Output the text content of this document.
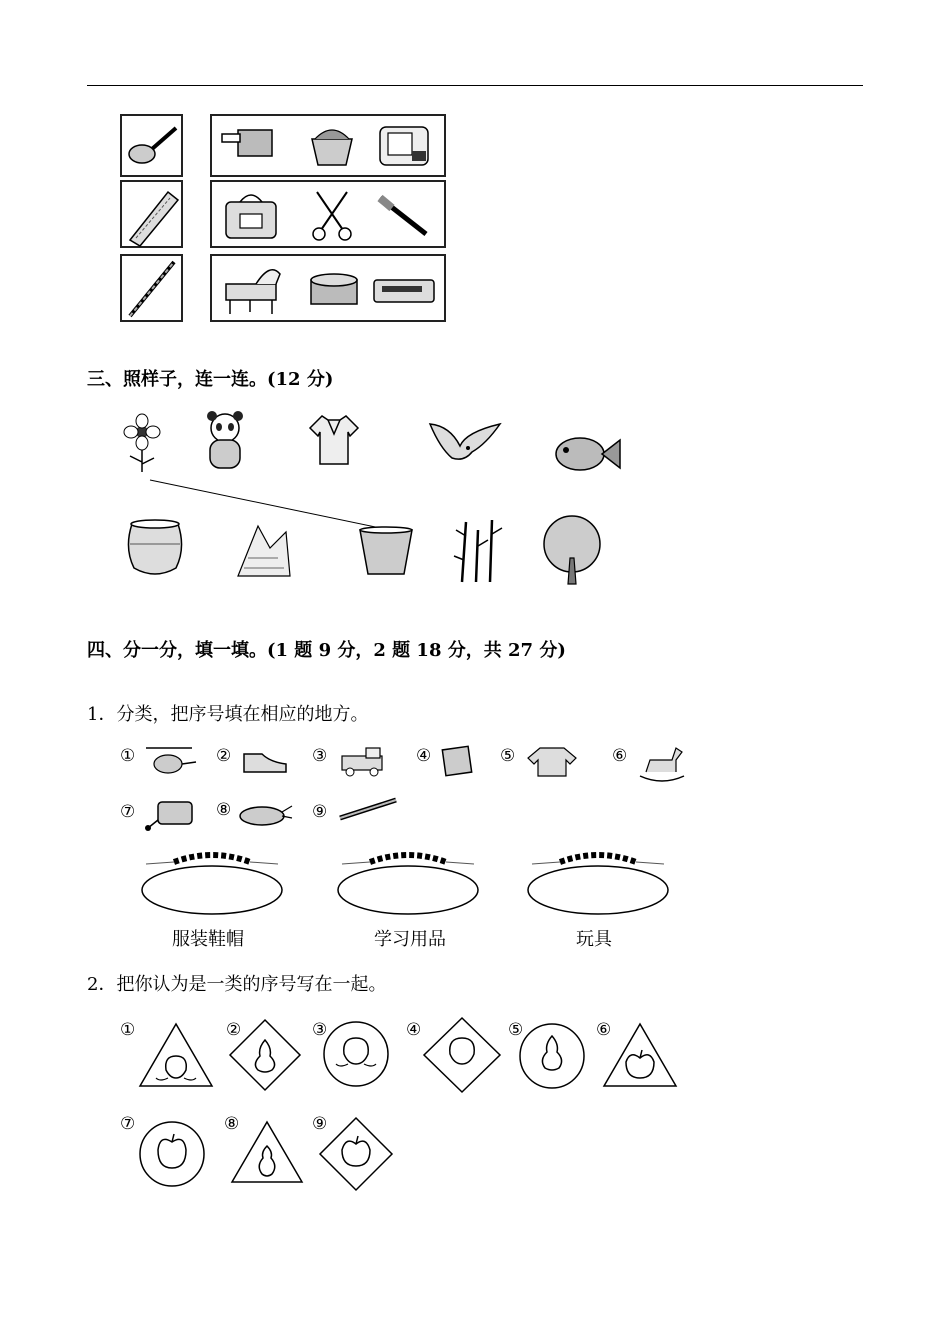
三、照样子，连一连。(12 分)
四、分一分，填一填。(1 题 9 分，2 题 18 分，共 27 分)
1．分类，把序号填在相应的地方。
①	②	③	④	⑤	⑥
⑦	⑧	⑨
服装鞋帽	学习用品	玩具
2．把你认为是一类的序号写在一起。
①	②	③	④	⑤	⑥
⑦	⑧	⑨
